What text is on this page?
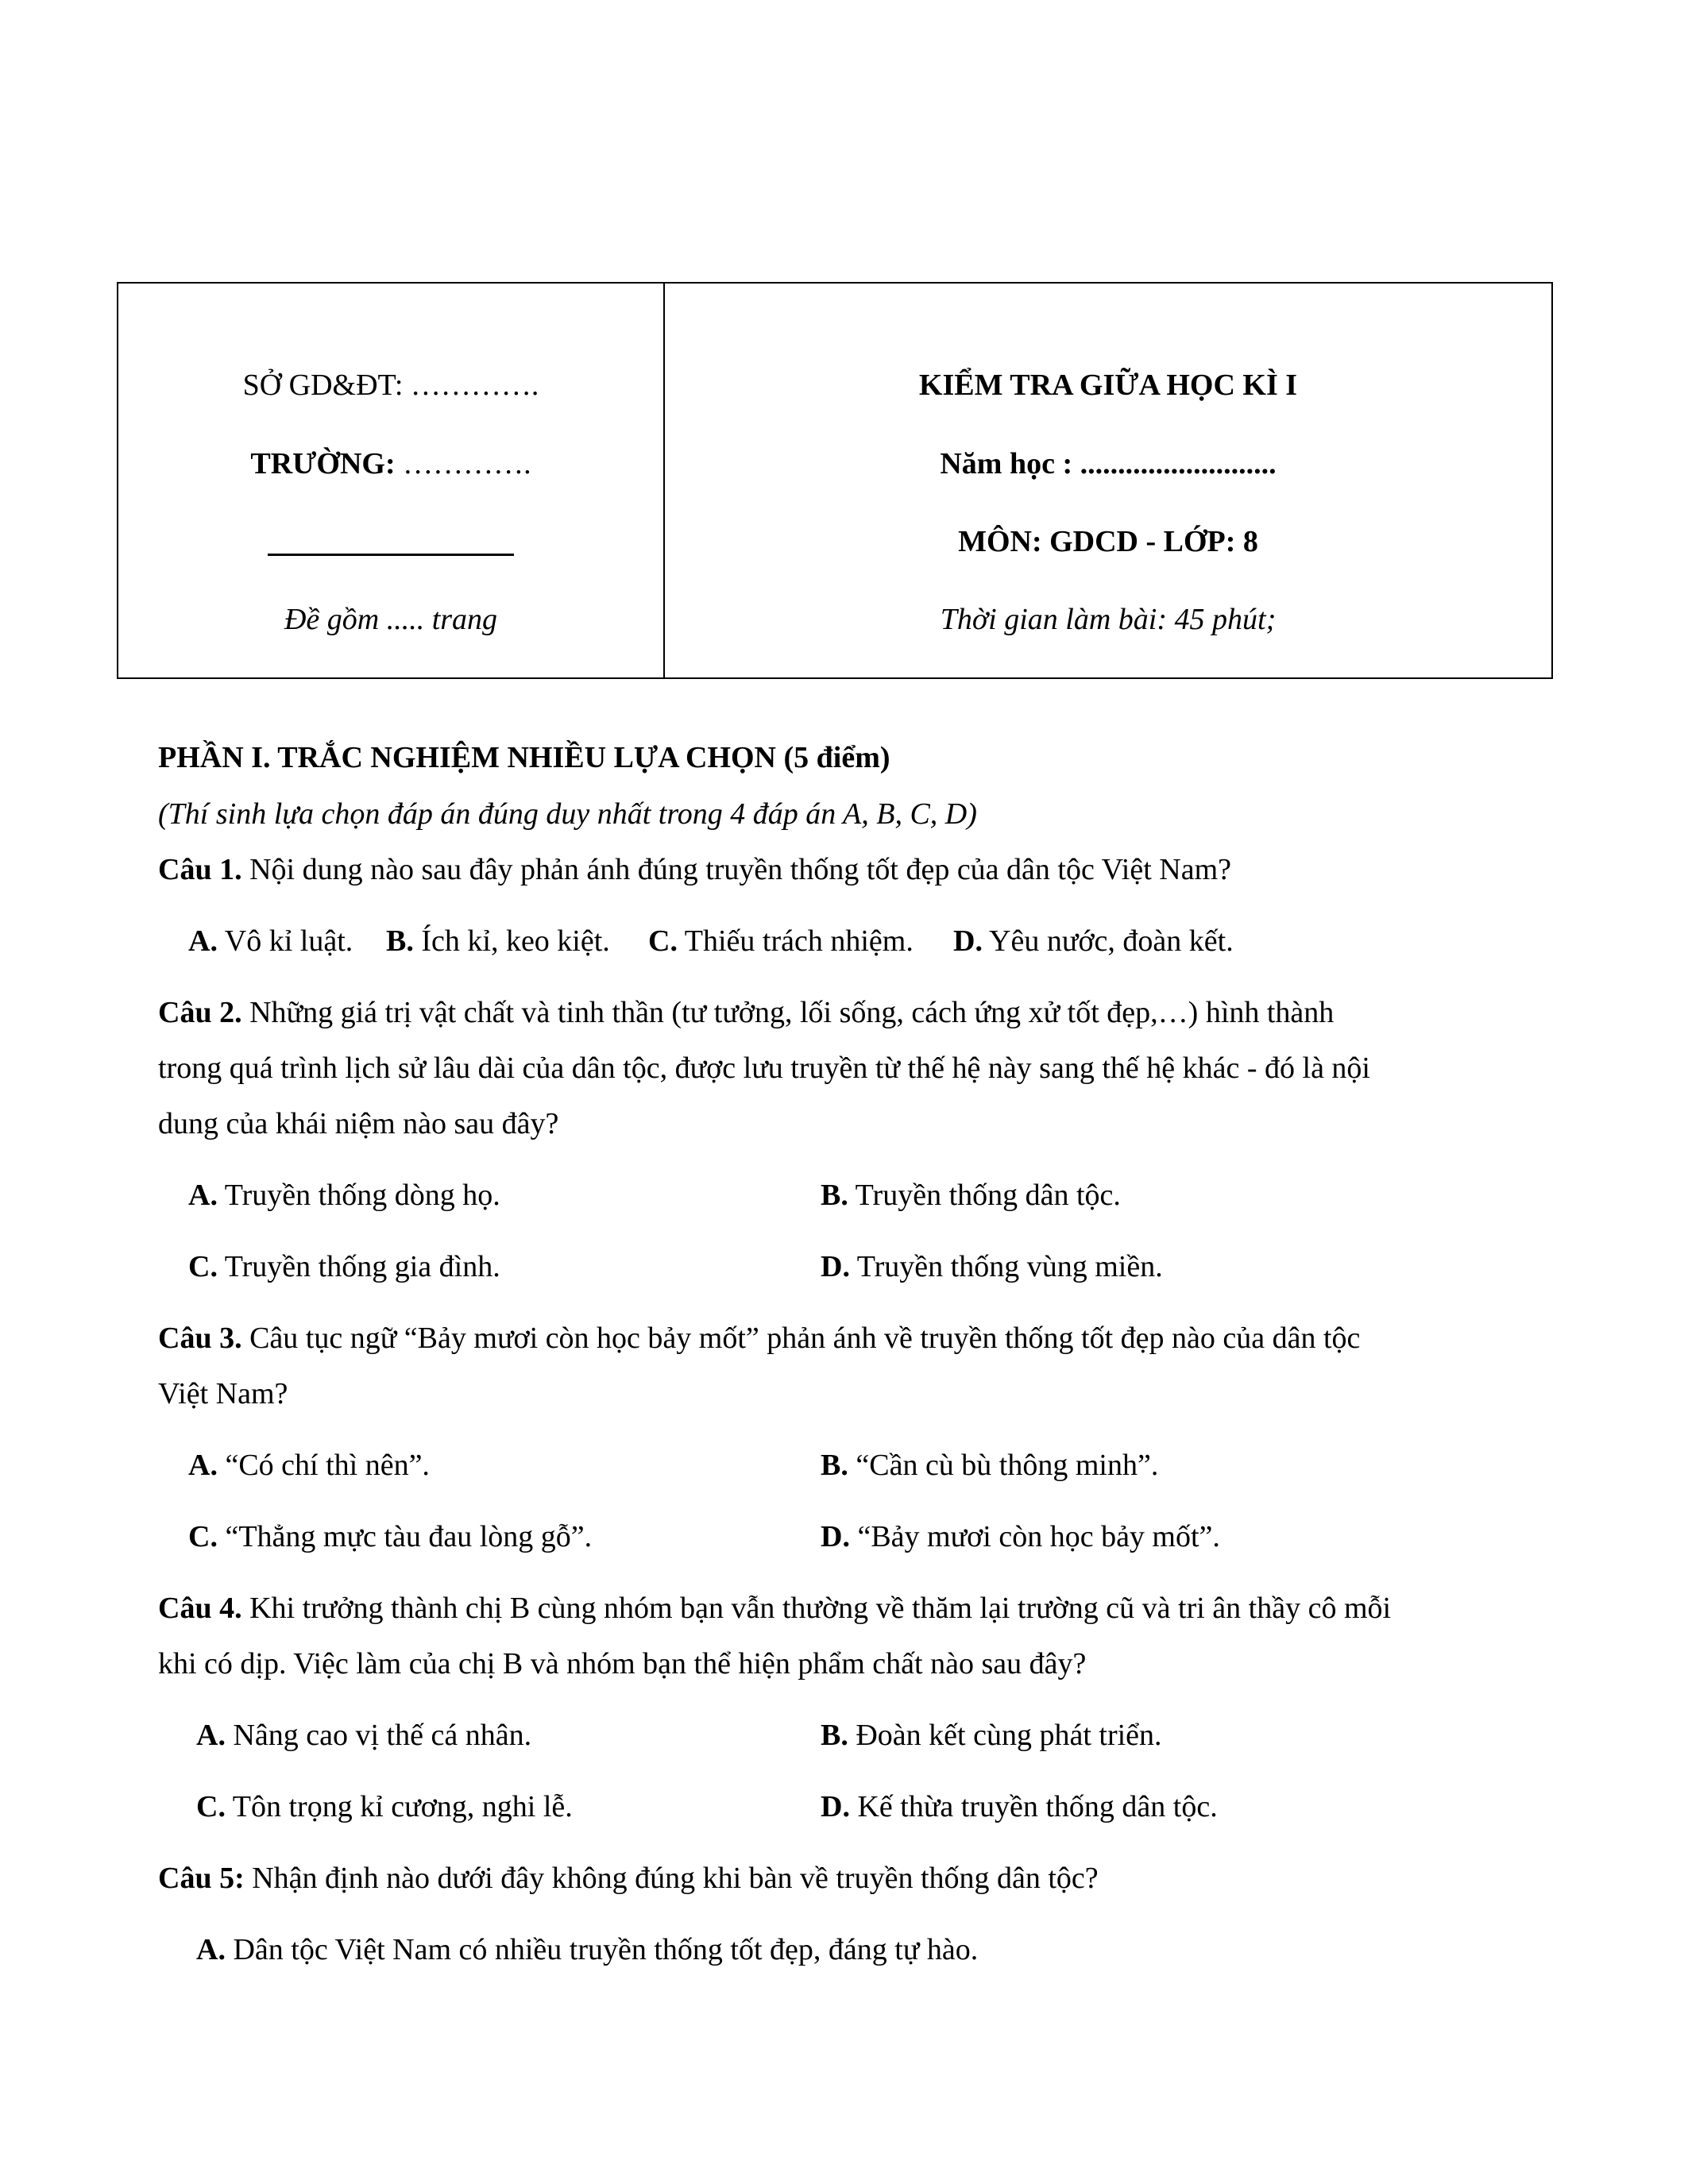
SỞ GD&ĐT: ………….
TRƯỜNG: ………….
Đề gồm ..... trang
KIỂM TRA GIỮA HỌC KÌ I
Năm học : ..........................
MÔN: GDCD - LỚP: 8
Thời gian làm bài: 45 phút;
PHẦN I. TRẮC NGHIỆM NHIỀU LỰA CHỌN (5 điểm)
(Thí sinh lựa chọn đáp án đúng duy nhất trong 4 đáp án A, B, C, D)
Câu 1. Nội dung nào sau đây phản ánh đúng truyền thống tốt đẹp của dân tộc Việt Nam?
A. Vô kỉ luật. B. Ích kỉ, keo kiệt. C. Thiếu trách nhiệm. D. Yêu nước, đoàn kết.
Câu 2. Những giá trị vật chất và tinh thần (tư tưởng, lối sống, cách ứng xử tốt đẹp,…) hình thành
trong quá trình lịch sử lâu dài của dân tộc, được lưu truyền từ thế hệ này sang thế hệ khác - đó là nội
dung của khái niệm nào sau đây?
A. Truyền thống dòng họ.	B. Truyền thống dân tộc.
C. Truyền thống gia đình.	D. Truyền thống vùng miền.
Câu 3. Câu tục ngữ “Bảy mươi còn học bảy mốt” phản ánh về truyền thống tốt đẹp nào của dân tộc
Việt Nam?
A. “Có chí thì nên”.	B. “Cần cù bù thông minh”.
C. “Thẳng mực tàu đau lòng gỗ”.	D. “Bảy mươi còn học bảy mốt”.
Câu 4. Khi trưởng thành chị B cùng nhóm bạn vẫn thường về thăm lại trường cũ và tri ân thầy cô mỗi
khi có dịp. Việc làm của chị B và nhóm bạn thể hiện phẩm chất nào sau đây?
A. Nâng cao vị thế cá nhân.	B. Đoàn kết cùng phát triển.
C. Tôn trọng kỉ cương, nghi lễ.	D. Kế thừa truyền thống dân tộc.
Câu 5: Nhận định nào dưới đây không đúng khi bàn về truyền thống dân tộc?
A. Dân tộc Việt Nam có nhiều truyền thống tốt đẹp, đáng tự hào.
